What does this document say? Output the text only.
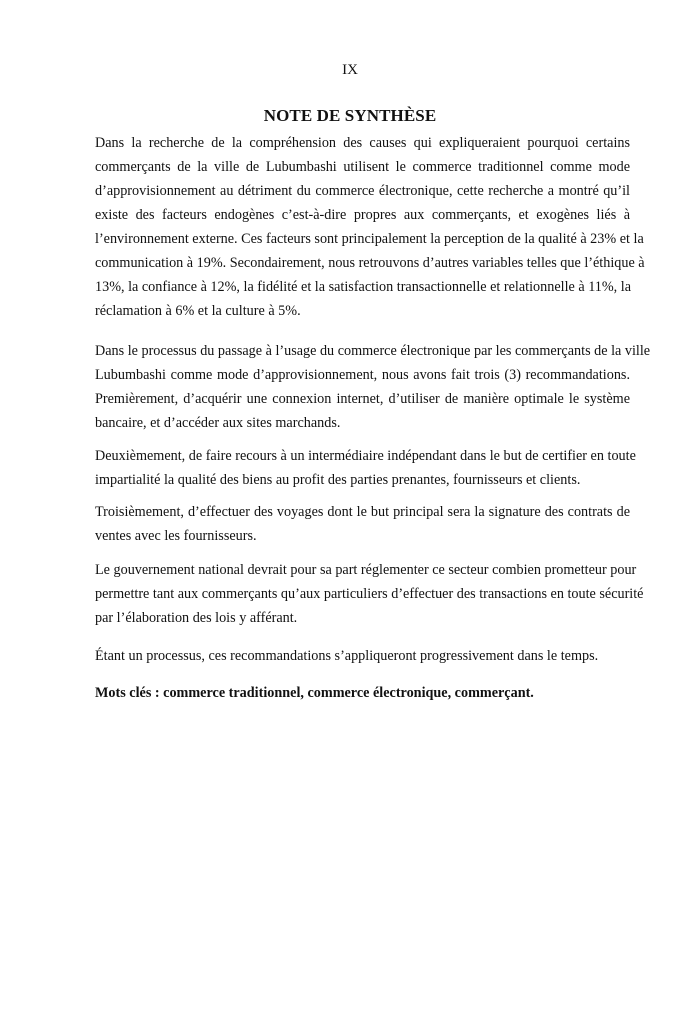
IX
NOTE DE SYNTHÈSE
Dans la recherche de la compréhension des causes qui expliqueraient pourquoi certains
commerçants de la ville de Lubumbashi utilisent le commerce traditionnel comme mode
d’approvisionnement au détriment du commerce électronique, cette recherche a montré qu’il
existe des facteurs endogènes c’est-à-dire propres aux commerçants, et exogènes liés à
l’environnement externe. Ces facteurs sont principalement la perception de la qualité à 23% et la
communication à 19%. Secondairement, nous retrouvons d’autres variables telles que l’éthique à
13%, la confiance à 12%, la fidélité et la satisfaction transactionnelle et relationnelle à 11%, la
réclamation à 6% et la culture à 5%.
Dans le processus du passage à l’usage du commerce électronique par les commerçants de la ville
Lubumbashi comme mode d’approvisionnement, nous avons fait trois (3) recommandations.
Premièrement, d’acquérir une connexion internet, d’utiliser de manière optimale le système
bancaire, et d’accéder aux sites marchands.
Deuxièmement, de faire recours à un intermédiaire indépendant dans le but de certifier en toute
impartialité la qualité des biens au profit des parties prenantes, fournisseurs et clients.
Troisièmement, d’effectuer des voyages dont le but principal sera la signature des contrats de
ventes avec les fournisseurs.
Le gouvernement national devrait pour sa part réglementer ce secteur combien prometteur pour
permettre tant aux commerçants qu’aux particuliers d’effectuer des transactions en toute sécurité
par l’élaboration des lois y afférant.
Étant un processus, ces recommandations s’appliqueront progressivement dans le temps.
Mots clés : commerce traditionnel, commerce électronique, commerçant.
